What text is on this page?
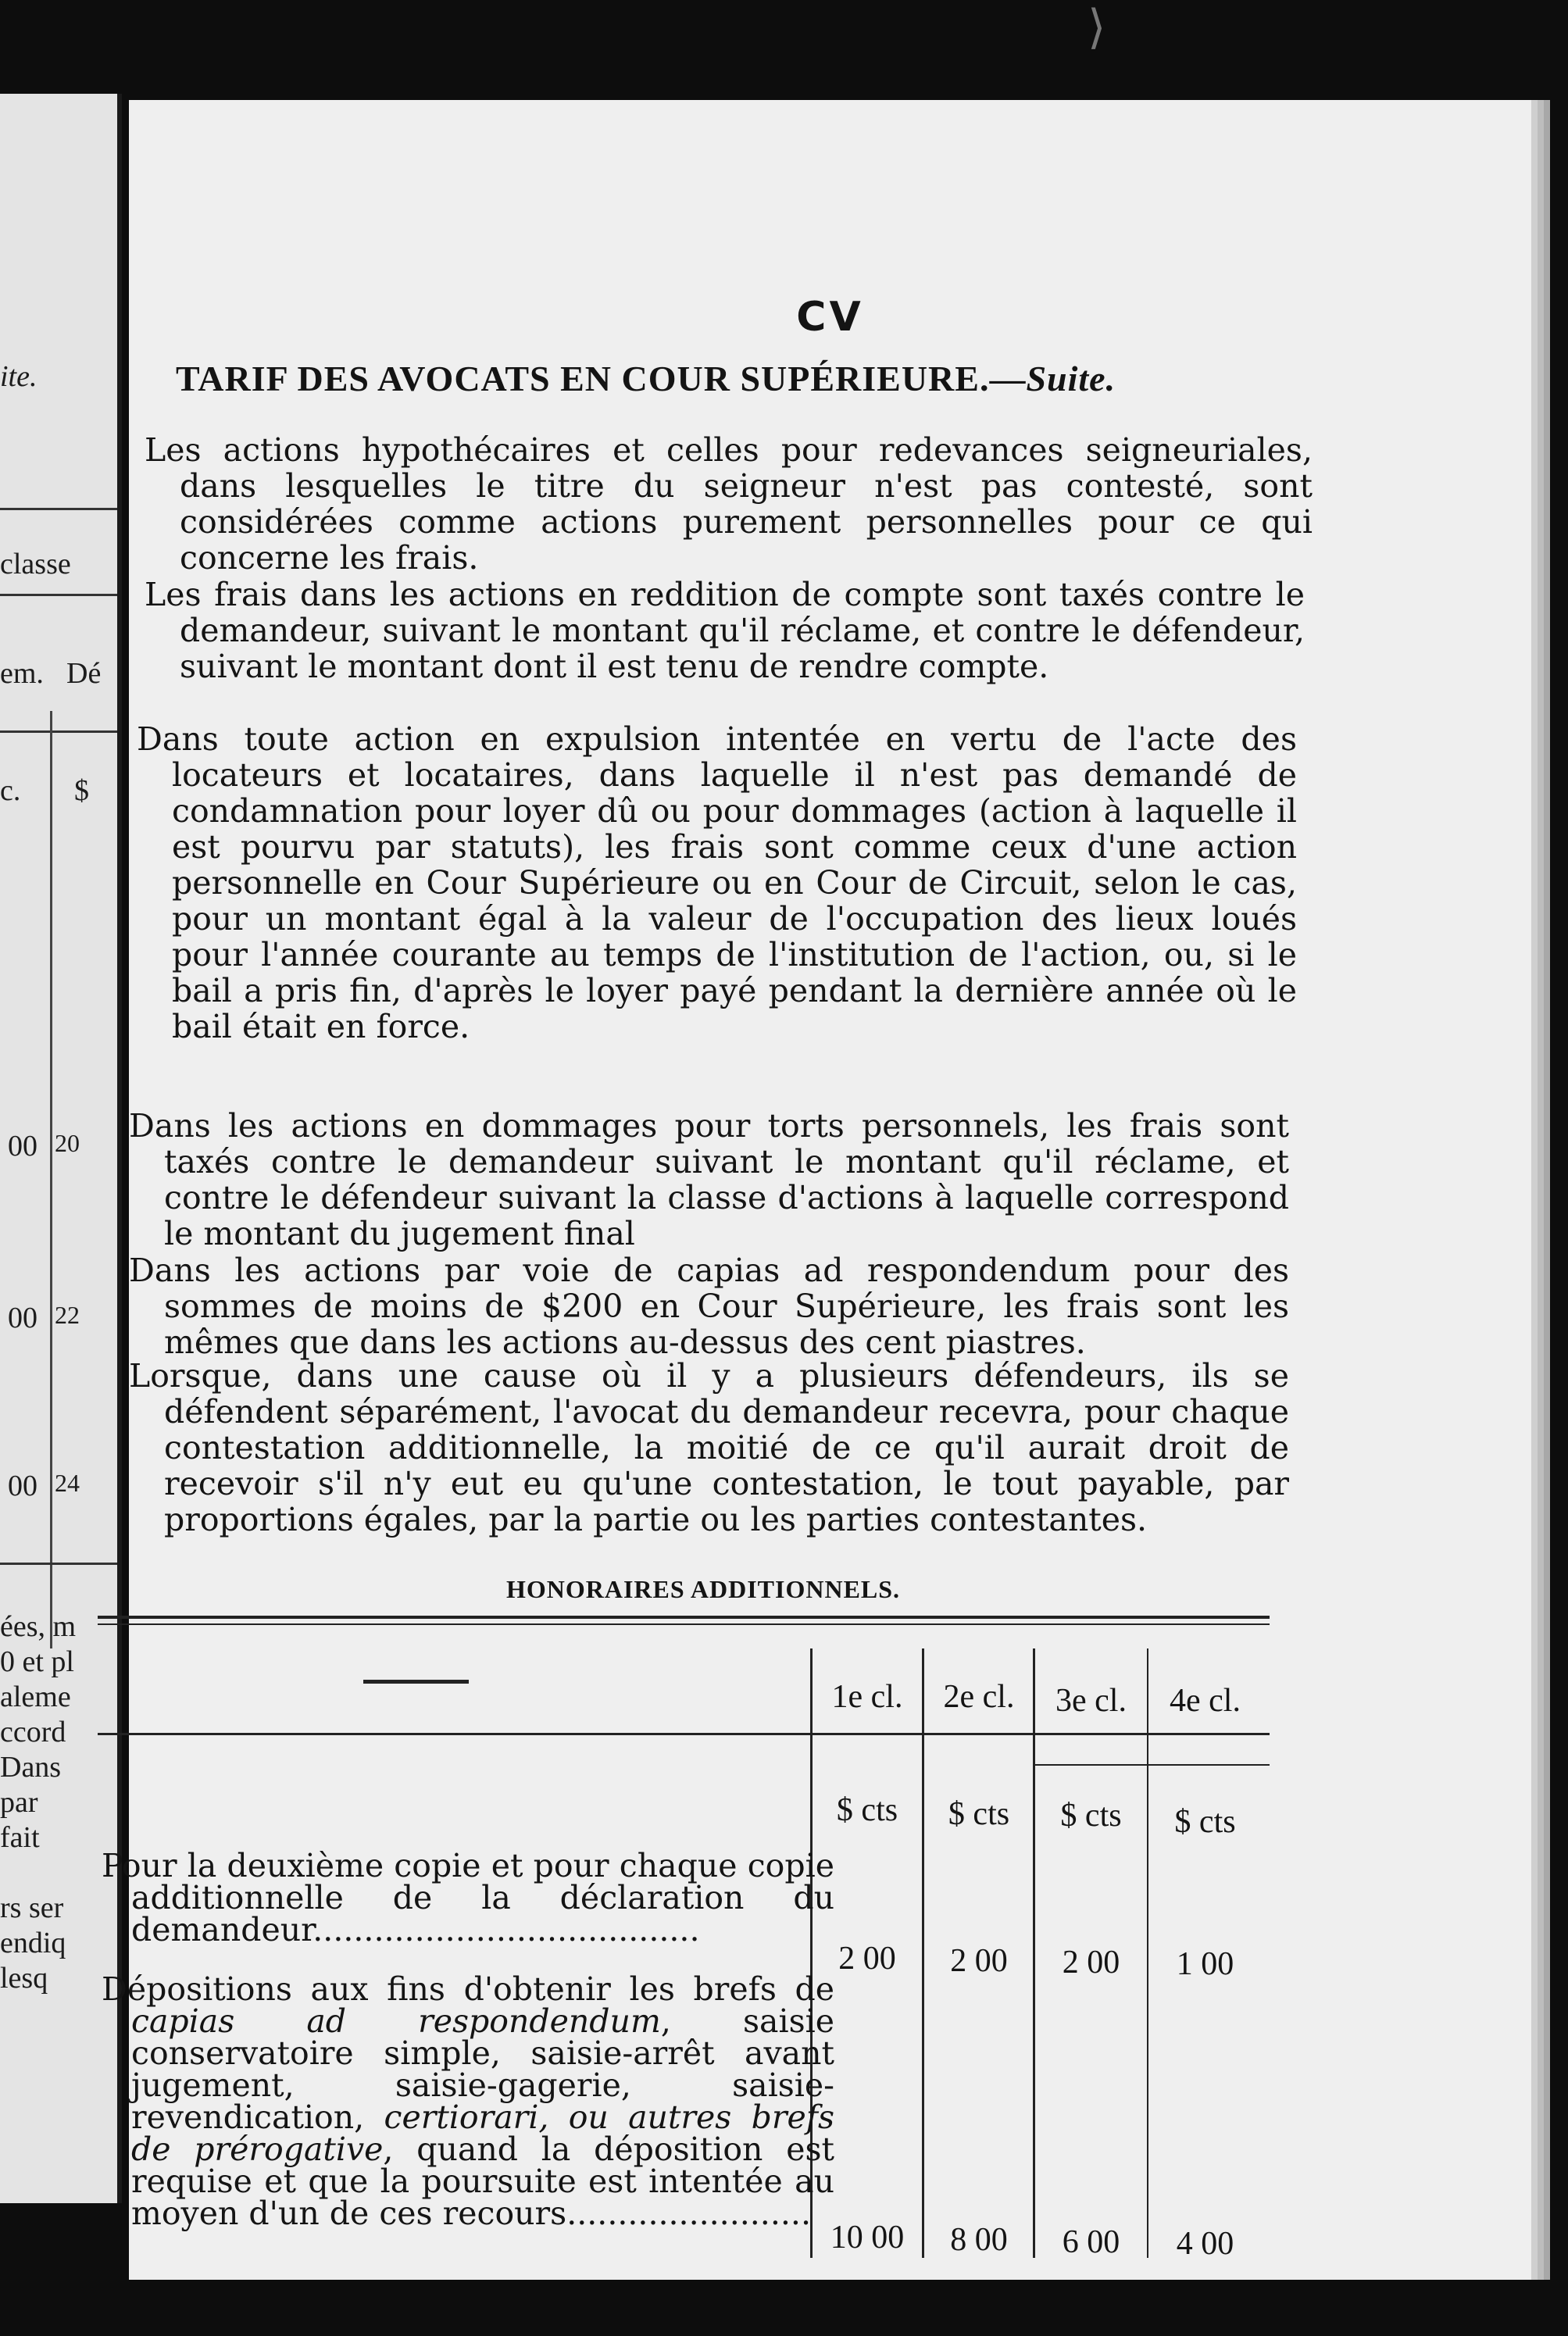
⟩
ite.
classe
em. Dé
c. $
00 20
00 22
00 24
ées, m
0 et pl
aleme
ccord
Dans
par
fait
rs ser
endiq
lesq
CV
TARIF DES AVOCATS EN COUR SUPÉRIEURE.—Suite.
Les actions hypothécaires et celles pour redevances seigneuriales, dans lesquelles le titre du seigneur n'est pas contesté, sont considérées comme actions purement personnelles pour ce qui concerne les frais.
Les frais dans les actions en reddition de compte sont taxés contre le demandeur, suivant le montant qu'il réclame, et contre le défendeur, suivant le montant dont il est tenu de rendre compte.
Dans toute action en expulsion intentée en vertu de l'acte des locateurs et locataires, dans laquelle il n'est pas demandé de condamnation pour loyer dû ou pour dommages (action à laquelle il est pourvu par statuts), les frais sont comme ceux d'une action personnelle en Cour Supérieure ou en Cour de Circuit, selon le cas, pour un montant égal à la valeur de l'occupation des lieux loués pour l'année courante au temps de l'institution de l'action, ou, si le bail a pris fin, d'après le loyer payé pendant la dernière année où le bail était en force.
Dans les actions en dommages pour torts personnels, les frais sont taxés contre le demandeur suivant le montant qu'il réclame, et contre le défendeur suivant la classe d'actions à laquelle correspond le montant du jugement final
Dans les actions par voie de capias ad respondendum pour des sommes de moins de $200 en Cour Supérieure, les frais sont les mêmes que dans les actions au-dessus des cent piastres.
Lorsque, dans une cause où il y a plusieurs défendeurs, ils se défendent séparément, l'avocat du demandeur recevra, pour chaque contestation additionnelle, la moitié de ce qu'il aurait droit de recevoir s'il n'y eut eu qu'une contestation, le tout payable, par proportions égales, par la partie ou les parties contestantes.
HONORAIRES ADDITIONNELS.
1e cl.	2e cl.	3e cl.	4e cl.
$ cts	$ cts	$ cts	$ cts
Pour la deuxième copie et pour chaque copie additionnelle de la déclaration du demandeur......................................
2 00	2 00	2 00	1 00
Dépositions aux fins d'obtenir les brefs de capias ad respondendum, saisie conservatoire simple, saisie-arrêt avant jugement, saisie-gagerie, saisie-revendication, certiorari, ou autres brefs de prérogative, quand la déposition est requise et que la poursuite est intentée au moyen d'un de ces recours........................
10 00	8 00	6 00	4 00
